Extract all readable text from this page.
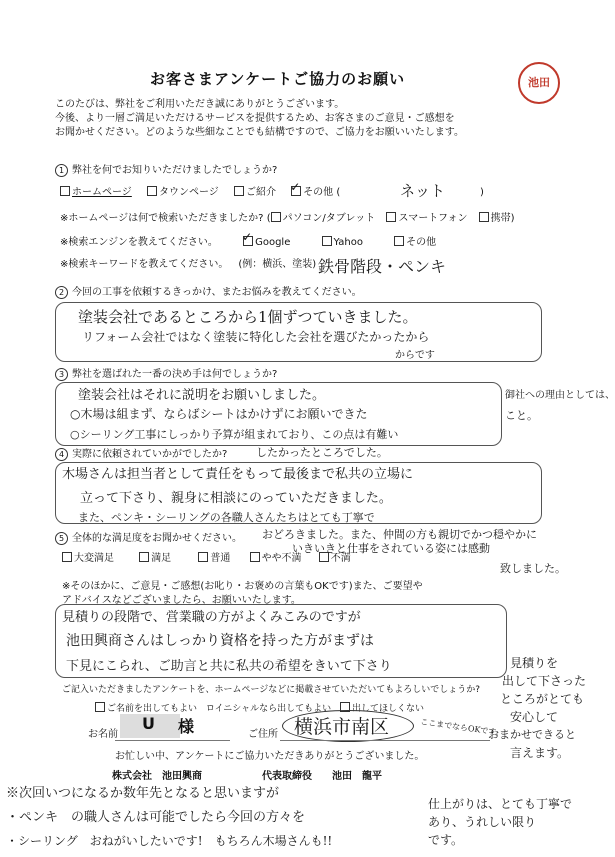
池田
お客さまアンケートご協力のお願い
このたびは、弊社をご利用いただき誠にありがとうございます。
今後、より一層ご満足いただけるサービスを提供するため、お客さまのご意見・ご感想を
お聞かせください。どのような些細なことでも結構ですので、ご協力をお願いいたします。
1 弊社を何でお知りいただけましたでしょうか?
ホームページ	タウンページ	ご紹介 ✓ その他 (	ネット	)
※ホームページは何で検索いただきましたか? ( パソコン/タブレット スマートフォン 携帯)
※検索エンジンを教えてください。 ✓ Google	Yahoo	その他
※検索キーワードを教えてください。 (例：横浜、塗装) 鉄骨階段・ペンキ
2 今回の工事を依頼するきっかけ、またお悩みを教えてください。
塗装会社であるところから1個ずつていきました。
リフォーム会社ではなく塗装に特化した会社を選びたかったから
からです
3 弊社を選ばれた一番の決め手は何でしょうか?
塗装会社はそれに説明をお願いしました。	御社への理由としては、
○木場は組まず、ならばシートはかけずにお願いできた	こと。
○シーリング工事にしっかり予算が組まれており、この点は有難い
4 実際に依頼されていかがでしたか?	したかったところでした。
木場さんは担当者として責任をもって最後まで私共の立場に
立って下さり、親身に相談にのっていただきました。
また、ペンキ・シーリングの各職人さんたちはとても丁寧で
5 全体的な満足度をお聞かせください。
大変満足	満足	普通	やや不満	不満
おどろきました。また、仲間の方も親切でかつ穏やかに
いきいきと仕事をされている姿には感動
致しました。
※そのほかに、ご意見・ご感想(お叱り・お褒めの言葉もOKです)また、ご要望や
アドバイスなどございましたら、お願いいたします。
見積りの段階で、営業職の方がよくみこみのですが
池田興商さんはしっかり資格を持った方がまずは
下見にこられ、ご助言と共に私共の希望をきいて下さり	見積りを
出して下さった
ところがとても
安心して
おまかせできると
言えます。
仕上がりは、とても丁寧で
あり、うれしい限り
です。
ご記入いただきましたアンケートを、ホームページなどに掲載させていただいてもよろしいでしょうか?
ご名前を出してもよい ロイニシャルなら出してもよい 出してほしくない
お名前
U 様	ご住所 横浜市南区	ここまでならOKです。
お忙しい中、アンケートにご協力いただきありがとうございました。
株式会社　池田興商	代表取締役 池田　龍平
※次回いつになるか数年先となると思いますが
・ペンキ　の職人さんは可能でしたら今回の方々を
・シーリング　おねがいしたいです!　もちろん木場さんも!!
